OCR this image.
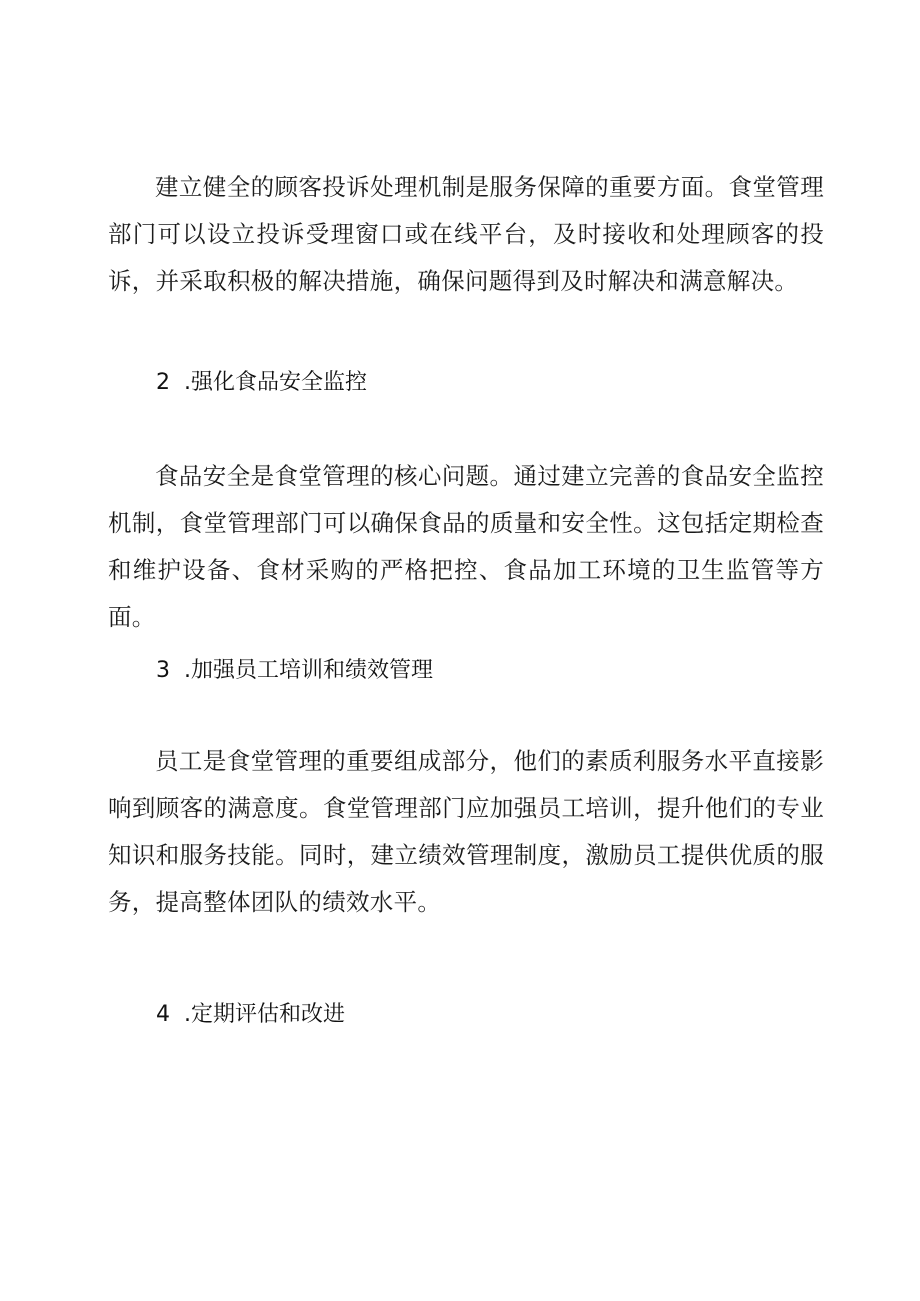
建立健全的顾客投诉处理机制是服务保障的重要方面。食堂管理部门可以设立投诉受理窗口或在线平台，及时接收和处理顾客的投诉，并采取积极的解决措施，确保问题得到及时解决和满意解决。

2 .强化食品安全监控

食品安全是食堂管理的核心问题。通过建立完善的食品安全监控机制，食堂管理部门可以确保食品的质量和安全性。这包括定期检查和维护设备、食材采购的严格把控、食品加工环境的卫生监管等方面。

3 .加强员工培训和绩效管理

员工是食堂管理的重要组成部分，他们的素质利服务水平直接影响到顾客的满意度。食堂管理部门应加强员工培训，提升他们的专业知识和服务技能。同时，建立绩效管理制度，激励员工提供优质的服务，提高整体团队的绩效水平。

4 .定期评估和改进
